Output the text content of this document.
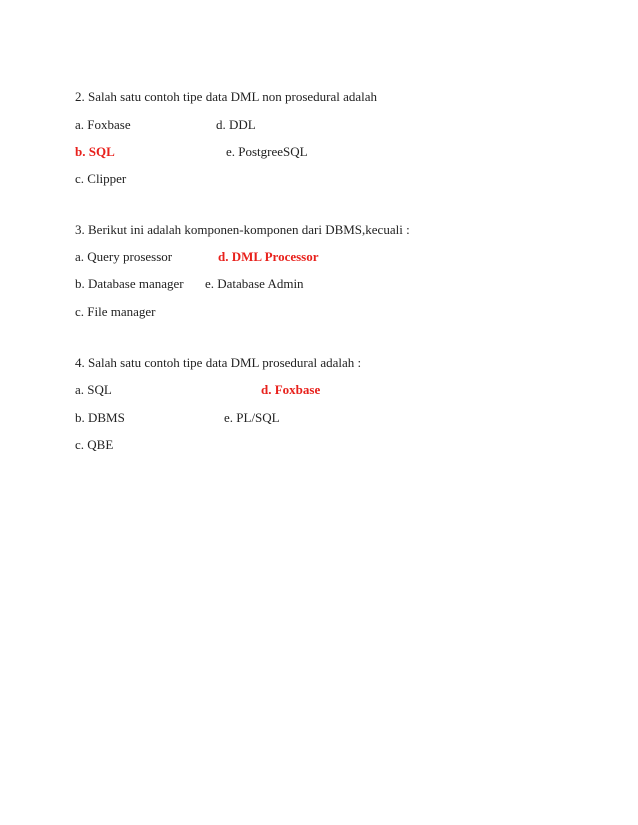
2. Salah satu contoh tipe data DML non prosedural adalah
a. Foxbase	d. DDL
b. SQL	e. PostgreeSQL
c. Clipper
3. Berikut ini adalah komponen-komponen dari DBMS,kecuali :
a. Query prosessor	d. DML Processor
b. Database manager e. Database Admin
c. File manager
4. Salah satu contoh tipe data DML prosedural adalah :
a. SQL	d. Foxbase
b. DBMS	e. PL/SQL
c. QBE
